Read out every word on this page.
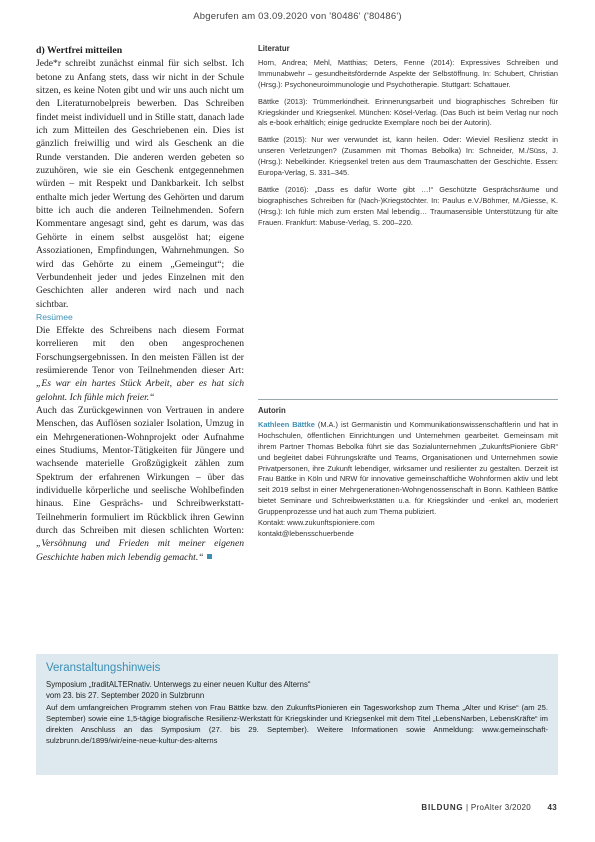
Abgerufen am 03.09.2020 von '80486' ('80486')

d) Wertfrei mitteilen

Jede*r schreibt zunächst einmal für sich selbst. Ich betone zu Anfang stets, dass wir nicht in der Schule sitzen, es keine Noten gibt und wir uns auch nicht um den Literaturnobelpreis bewerben. Das Schreiben findet meist individuell und in Stille statt, danach lade ich zum Mitteilen des Geschriebenen ein. Dies ist gänzlich freiwillig und wird als Geschenk an die Runde verstanden. Die anderen werden gebeten so zuzuhören, wie sie ein Geschenk entgegennehmen würden – mit Respekt und Dankbarkeit. Ich selbst enthalte mich jeder Wertung des Gehörten und darum bitte ich auch die anderen Teilnehmenden. Sofern Kommentare angesagt sind, geht es darum, was das Gehörte in einem selbst ausgelöst hat; eigene Assoziationen, Empfindungen, Wahrnehmungen. So wird das Gehörte zu einem „Gemeingut“; die Verbundenheit jeder und jedes Einzelnen mit den Geschichten aller anderen wird nach und nach sichtbar.

Resümee

Die Effekte des Schreibens nach diesem Format korrelieren mit den oben angesprochenen Forschungsergebnissen. In den meisten Fällen ist der resümierende Tenor von Teilnehmenden dieser Art: „Es war ein hartes Stück Arbeit, aber es hat sich gelohnt. Ich fühle mich freier.“

Auch das Zurückgewinnen von Vertrauen in andere Menschen, das Auflösen sozialer Isolation, Umzug in ein Mehrgenerationen-Wohnprojekt oder Aufnahme eines Studiums, Mentor-Tätigkeiten für Jüngere und wachsende materielle Großzügigkeit zählen zum Spektrum der erfahrenen Wirkungen – über das individuelle körperliche und seelische Wohlbefinden hinaus. Eine Gesprächs- und Schreibwerkstatt-Teilnehmerin formuliert im Rückblick ihren Gewinn durch das Schreiben mit diesen schlichten Worten: „Versöhnung und Frieden mit meiner eigenen Geschichte haben mich lebendig gemacht.“

Literatur

Horn, Andrea; Mehl, Matthias; Deters, Fenne (2014): Expressives Schreiben und Immunabwehr – gesundheitsfördernde Aspekte der Selbstöffnung. In: Schubert, Christian (Hrsg.): Psychoneuroimmunologie und Psychotherapie. Stuttgart: Schattauer.

Bättke (2013): Trümmerkindheit. Erinnerungsarbeit und biographisches Schreiben für Kriegskinder und Kriegsenkel. München: Kösel-Verlag. (Das Buch ist beim Verlag nur noch als e-book erhältlich; einige gedruckte Exemplare noch bei der Autorin).

Bättke (2015): Nur wer verwundet ist, kann heilen. Oder: Wieviel Resilienz steckt in unseren Verletzungen? (Zusammen mit Thomas Bebolka) In: Schneider, M./Süss, J. (Hrsg.): Nebelkinder. Kriegsenkel treten aus dem Traumaschatten der Geschichte. Essen: Europa-Verlag, S. 331–345.

Bättke (2016): „Dass es dafür Worte gibt …!“ Geschützte Gesprächsräume und biographisches Schreiben für (Nach-)Kriegstöchter. In: Paulus e.V./Böhmer, M./Giesse, K. (Hrsg.): Ich fühle mich zum ersten Mal lebendig… Traumasensible Unterstützung für alte Frauen. Frankfurt: Mabuse-Verlag, S. 200–220.

Autorin
Kathleen Bättke (M.A.) ist Germanistin und Kommunikationswissenschaftlerin und hat in Hochschulen, öffentlichen Einrichtungen und Unternehmen gearbeitet. Gemeinsam mit ihrem Partner Thomas Bebolka führt sie das Sozialunternehmen „ZukunftsPioniere GbR“ und begleitet dabei Führungskräfte und Teams, Organisationen und Unternehmen sowie Privatpersonen, ihre Zukunft lebendiger, wirksamer und resilienter zu gestalten. Derzeit ist Frau Bättke in Köln und NRW für innovative gemeinschaftliche Wohnformen aktiv und lebt seit 2019 selbst in einer Mehrgenerationen-Wohngenossenschaft in Bonn. Kathleen Bättke bietet Seminare und Schreibwerkstätten u.a. für Kriegskinder und -enkel an, moderiert Gruppenprozesse und hat auch zum Thema publiziert.
Kontakt: www.zukunftspioniere.com
kontakt@lebensschuerbende
Veranstaltungshinweis
Symposium „traditALTERnativ. Unterwegs zu einer neuen Kultur des Alterns“
vom 23. bis 27. September 2020 in Sulzbrunn
Auf dem umfangreichen Programm stehen von Frau Bättke bzw. den ZukunftsPionieren ein Tagesworkshop zum Thema „Alter und Krise“ (am 25. September) sowie eine 1,5-tägige biografische Resilienz-Werkstatt für Kriegskinder und Kriegsenkel mit dem Titel „LebensNarben, LebensKräfte“ im direkten Anschluss an das Symposium (27. bis 29. September). Weitere Informationen sowie Anmeldung: www.gemeinschaft-sulzbrunn.de/1899/wir/eine-neue-kultur-des-alterns
BILDUNG | ProAlter 3/2020 43
